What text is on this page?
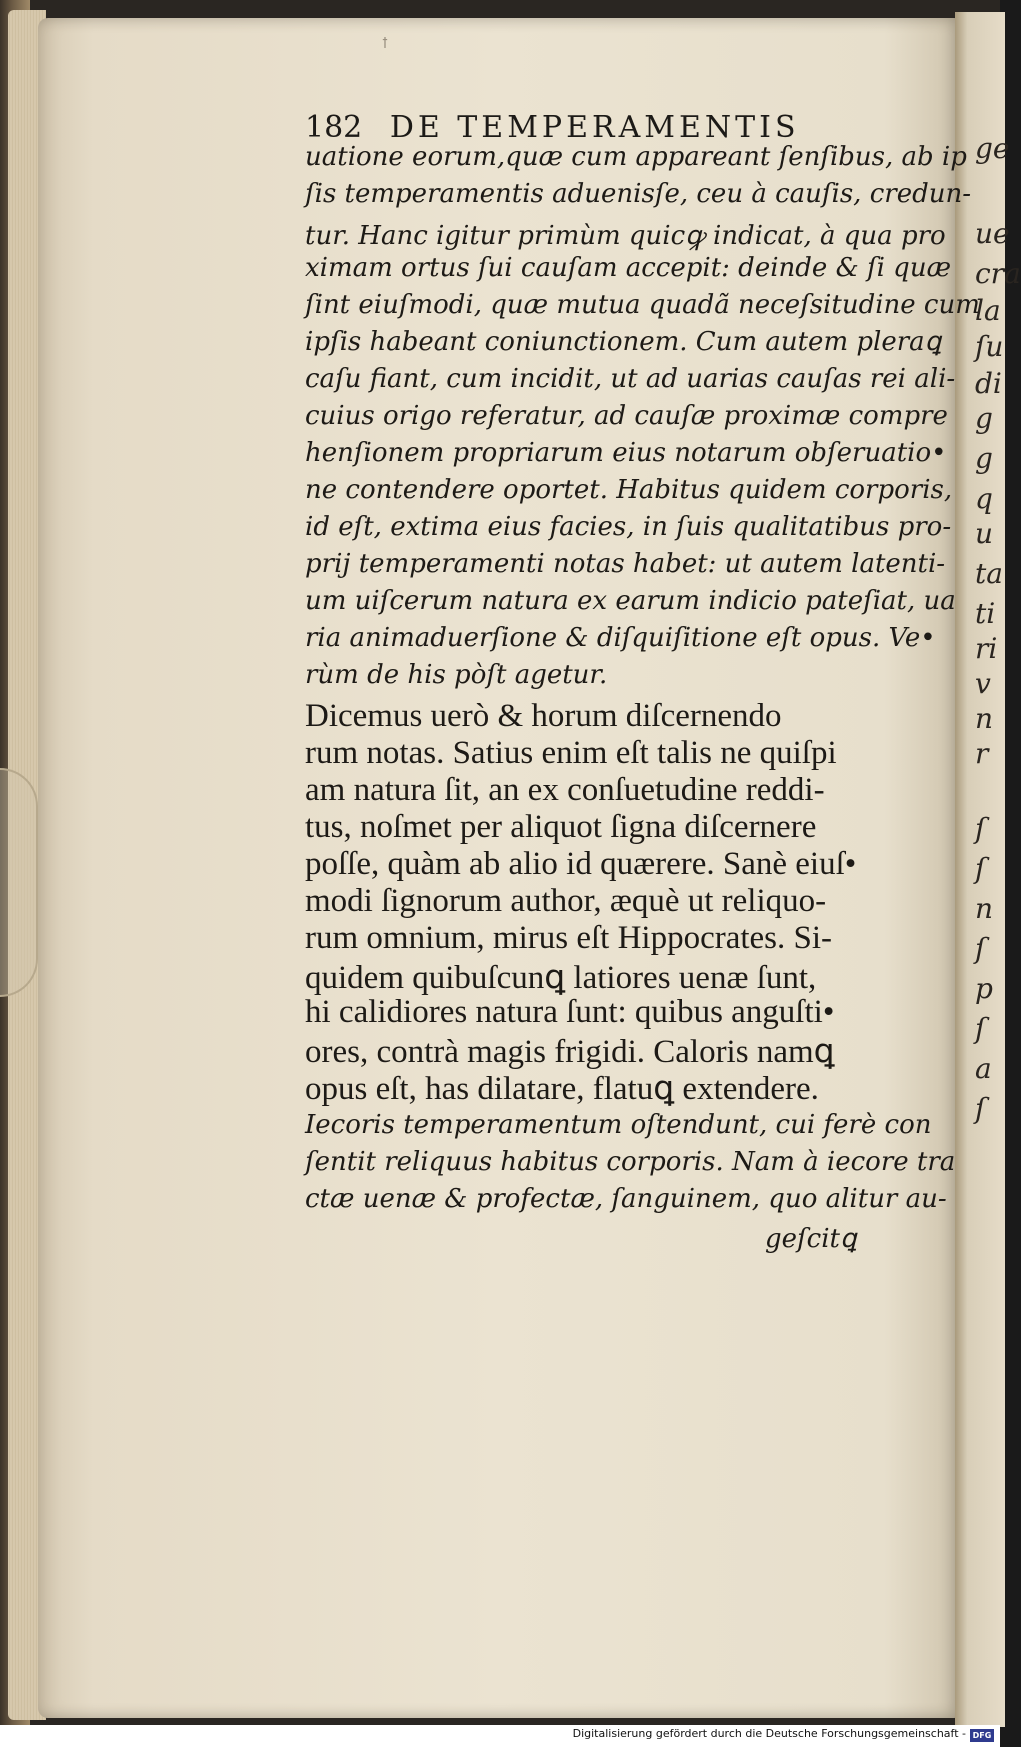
ge
ue
cra
la
ſu
di
g
g
q
u
ta
ti
ri
v
n
r
ſ
ſ
n
ſ
p
ſ
a
ſ
ꝉ
182 DE TEMPERAMENTIS
uatione eorum,quæ cum appareant ſenſibus, ab ip
ſis temperamentis aduenisſe, ceu à cauſis, credun-
tur. Hanc igitur primùm quicꝙ indicat, à qua pro
ximam ortus ſui cauſam accepit: deinde & ſi quæ
ſint eiuſmodi, quæ mutua quadã neceſsitudine cum
ipſis habeant coniunctionem. Cum autem pleraꝗ
caſu fiant, cum incidit, ut ad uarias cauſas rei ali-
cuius origo referatur, ad cauſæ proximæ compre
henſionem propriarum eius notarum obſeruatio•
ne contendere oportet. Habitus quidem corporis,
id eſt, extima eius facies, in ſuis qualitatibus pro-
prij temperamenti notas habet: ut autem latenti-
um uiſcerum natura ex earum indicio pateſiat, ua
ria animaduerſione & diſquiſitione eſt opus. Ve•
rùm de his pòſt agetur.
Dicemus uerò & horum diſcernendo
rum notas. Satius enim eſt talis ne quiſpi
am natura ſit, an ex conſuetudine reddi-
tus, noſmet per aliquot ſigna diſcernere
poſſe, quàm ab alio id quærere. Sanè eiuſ•
modi ſignorum author, æquè ut reliquo-
rum omnium, mirus eſt Hippocrates. Si-
quidem quibuſcunꝗ latiores uenæ ſunt,
hi calidiores natura ſunt: quibus anguſti•
ores, contrà magis frigidi. Caloris namꝗ
opus eſt, has dilatare, flatuꝗ extendere.
Iecoris temperamentum oſtendunt, cui ferè con
ſentit reliquus habitus corporis. Nam à iecore tra
ctæ uenæ & profectæ, ſanguinem, quo alitur au-
geſcitꝗ
Digitalisierung gefördert durch die Deutsche Forschungsgemeinschaft - DFG
